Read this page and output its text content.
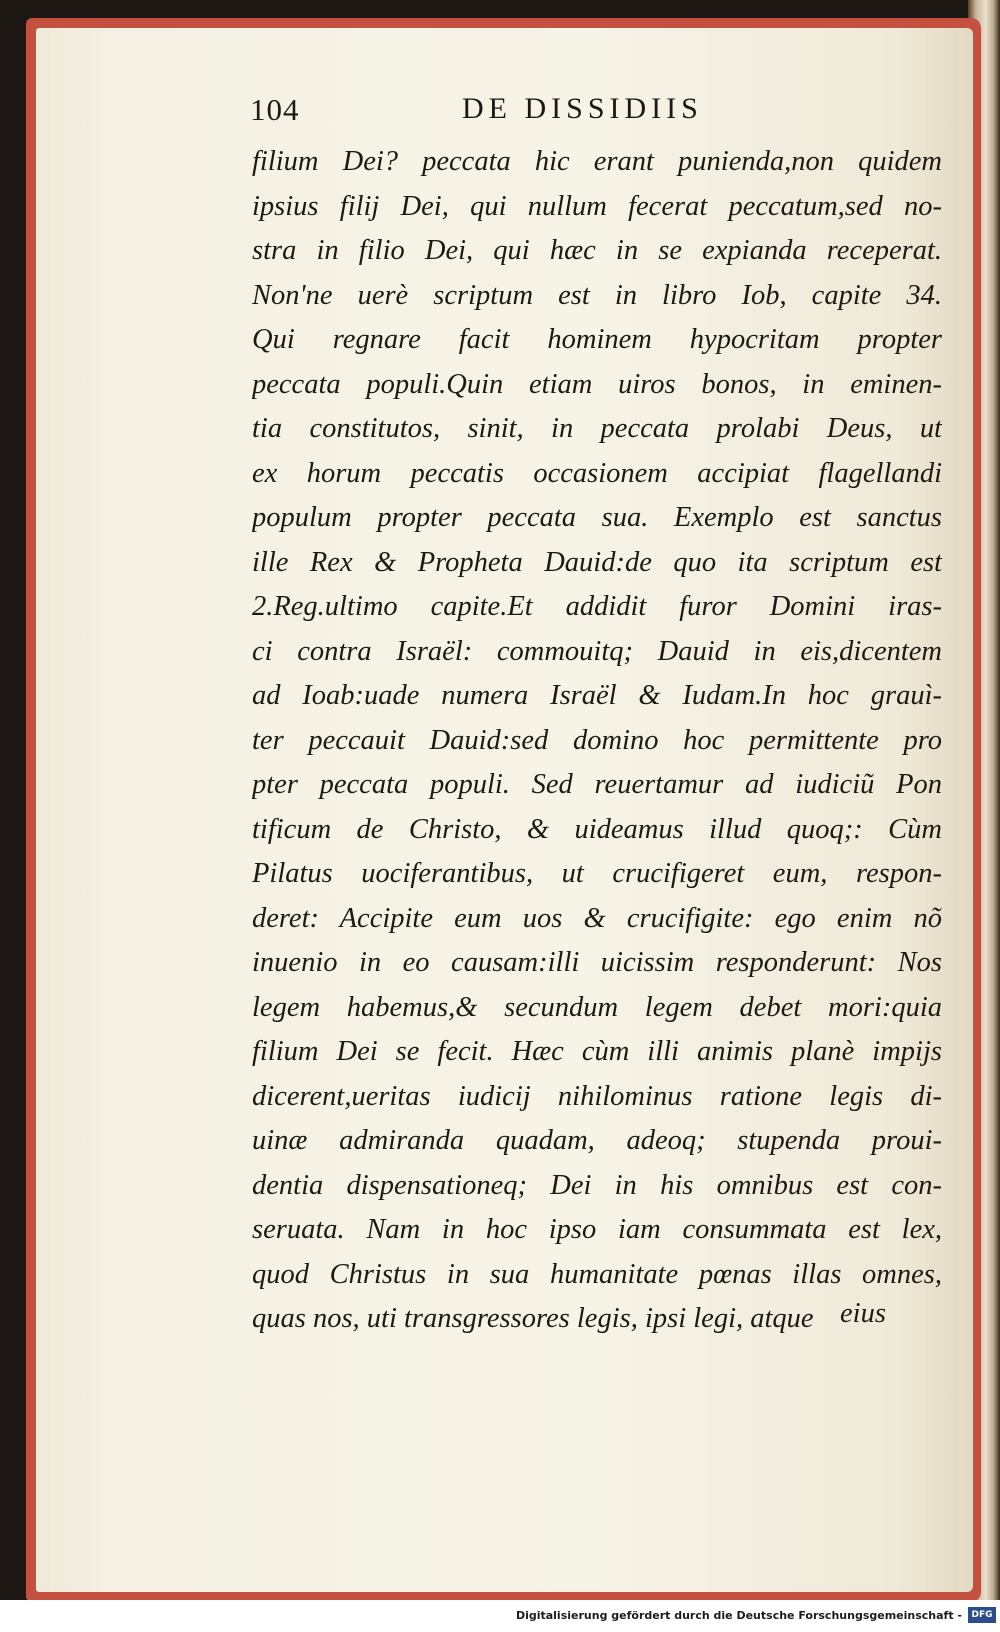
104	DE DISSIDIIS
filium Dei? peccata hic erant punienda,non quidem
ipsius filij Dei, qui nullum fecerat peccatum,sed no-
stra in filio Dei, qui hæc in se expianda receperat.
Non'ne uerè scriptum est in libro Iob, capite 34.
Qui regnare facit hominem hypocritam propter
peccata populi.Quin etiam uiros bonos, in eminen-
tia constitutos, sinit, in peccata prolabi Deus, ut
ex horum peccatis occasionem accipiat flagellandi
populum propter peccata sua. Exemplo est sanctus
ille Rex & Propheta Dauid:de quo ita scriptum est
2.Reg.ultimo capite.Et addidit furor Domini iras-
ci contra Israël: commouitq; Dauid in eis,dicentem
ad Ioab:uade numera Israël & Iudam.In hoc grauì-
ter peccauit Dauid:sed domino hoc permittente pro
pter peccata populi. Sed reuertamur ad iudiciũ Pon
tificum de Christo, & uideamus illud quoq;: Cùm
Pilatus uociferantibus, ut crucifigeret eum, respon-
deret: Accipite eum uos & crucifigite: ego enim nõ
inuenio in eo causam:illi uicissim responderunt: Nos
legem habemus,& secundum legem debet mori:quia
filium Dei se fecit. Hæc cùm illi animis planè impijs
dicerent,ueritas iudicij nihilominus ratione legis di-
uinæ admiranda quadam, adeoq; stupenda proui-
dentia dispensationeq; Dei in his omnibus est con-
seruata. Nam in hoc ipso iam consummata est lex,
quod Christus in sua humanitate pœnas illas omnes,
quas nos, uti transgressores legis, ipsi legi, atque eius
Digitalisierung gefördert durch die Deutsche Forschungsgemeinschaft -	DFG
